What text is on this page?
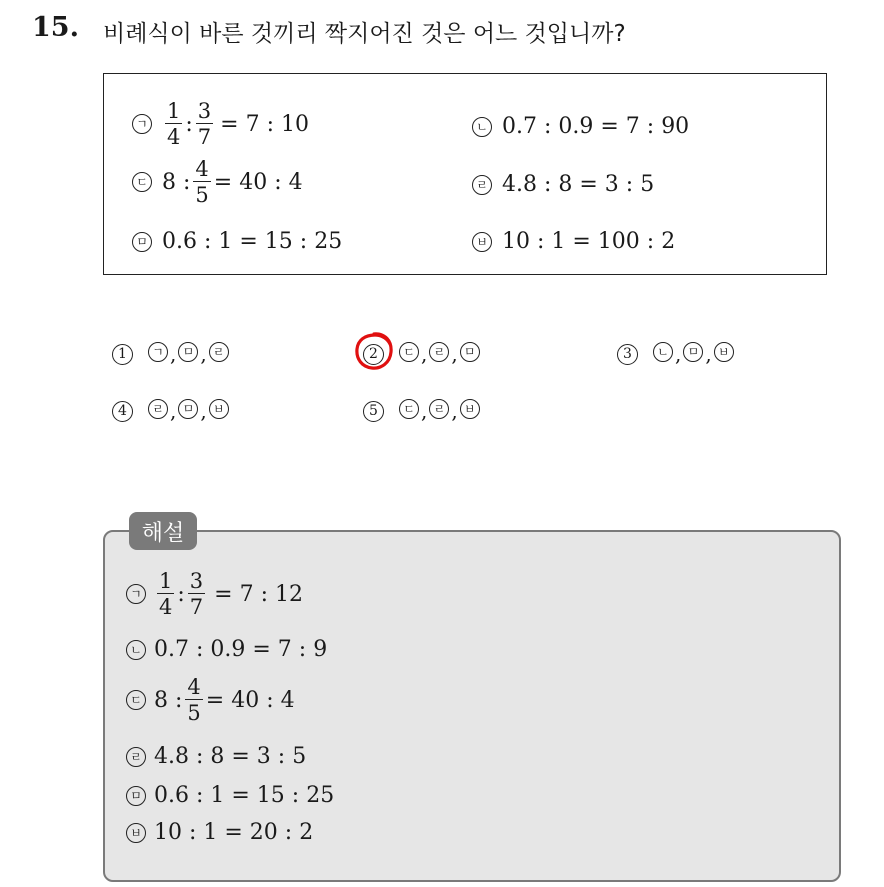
15. 비례식이 바른 것끼리 짝지어진 것은 어느 것입니까?
ㄱ $\frac{1}{4}$ : $\frac{3}{7} = 7$ : 10	ㄴ 0.7 : 0.9 = 7 : 90
ㄷ 8 : $\frac{4}{5} = 40$ : 4	ㄹ 4.8 : 8 = 3 : 5
ㅁ 0.6 : 1 = 15 : 25	ㅂ 10 : 1 = 100 : 2
1	ㄱ , ㅁ , ㄹ	2	ㄷ , ㄹ , ㅁ	3	ㄴ , ㅁ , ㅂ
4	ㄹ , ㅁ , ㅂ	5	ㄷ , ㄹ , ㅂ
해설
ㄱ $\frac{1}{4}$ : $\frac{3}{7} = 7$ : 12
ㄴ 0.7 : 0.9 = 7 : 9
ㄷ 8 : $\frac{4}{5} = 40$ : 4
ㄹ 4.8 : 8 = 3 : 5
ㅁ 0.6 : 1 = 15 : 25
ㅂ 10 : 1 = 20 : 2
